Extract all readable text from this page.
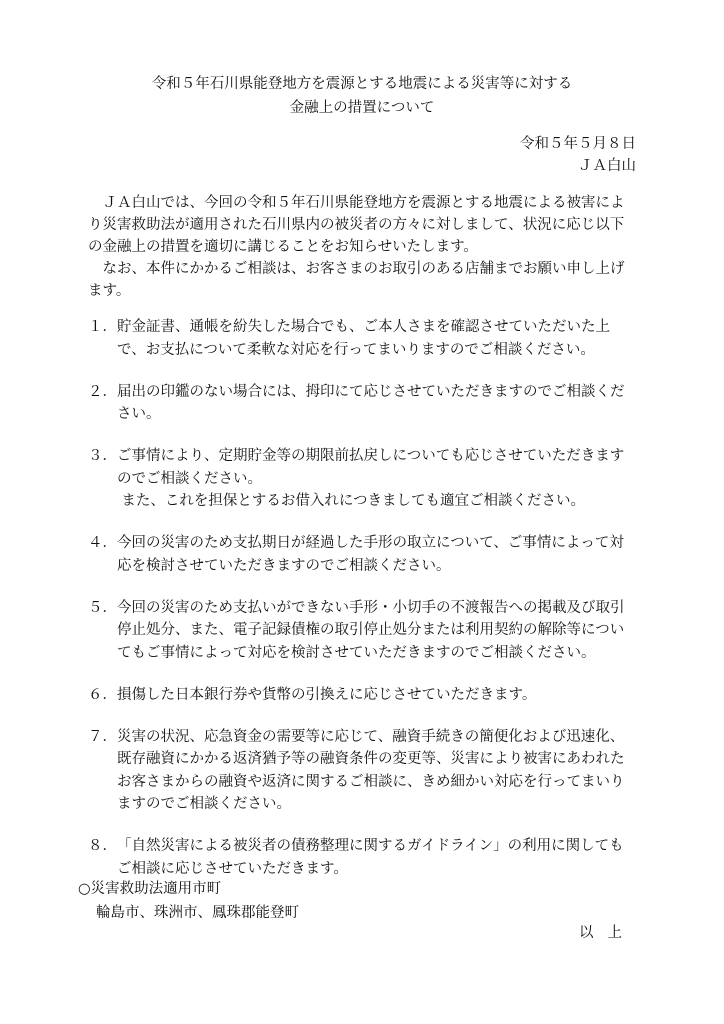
令和５年石川県能登地方を震源とする地震による災害等に対する
金融上の措置について
令和５年５月８日
ＪＡ白山

ＪＡ白山では、今回の令和５年石川県能登地方を震源とする地震による被害により災害救助法が適用された石川県内の被災者の方々に対しまして、状況に応じ以下の金融上の措置を適切に講じることをお知らせいたします。

なお、本件にかかるご相談は、お客さまのお取引のある店舗までお願い申し上げます。

１． 貯金証書、通帳を紛失した場合でも、ご本人さまを確認させていただいた上で、お支払について柔軟な対応を行ってまいりますのでご相談ください。

２． 届出の印鑑のない場合には、拇印にて応じさせていただきますのでご相談ください。

３． ご事情により、定期貯金等の期限前払戻しについても応じさせていただきますのでご相談ください。

また、これを担保とするお借入れにつきましても適宜ご相談ください。

４． 今回の災害のため支払期日が経過した手形の取立について、ご事情によって対応を検討させていただきますのでご相談ください。

５． 今回の災害のため支払いができない手形・小切手の不渡報告への掲載及び取引停止処分、また、電子記録債権の取引停止処分または利用契約の解除等についてもご事情によって対応を検討させていただきますのでご相談ください。

６． 損傷した日本銀行券や貨幣の引換えに応じさせていただきます。

７． 災害の状況、応急資金の需要等に応じて、融資手続きの簡便化および迅速化、既存融資にかかる返済猶予等の融資条件の変更等、災害により被害にあわれたお客さまからの融資や返済に関するご相談に、きめ細かい対応を行ってまいりますのでご相談ください。

８． 「自然災害による被災者の債務整理に関するガイドライン」の利用に関してもご相談に応じさせていただきます。

○災害救助法適用市町
輪島市、珠洲市、鳳珠郡能登町
以上
